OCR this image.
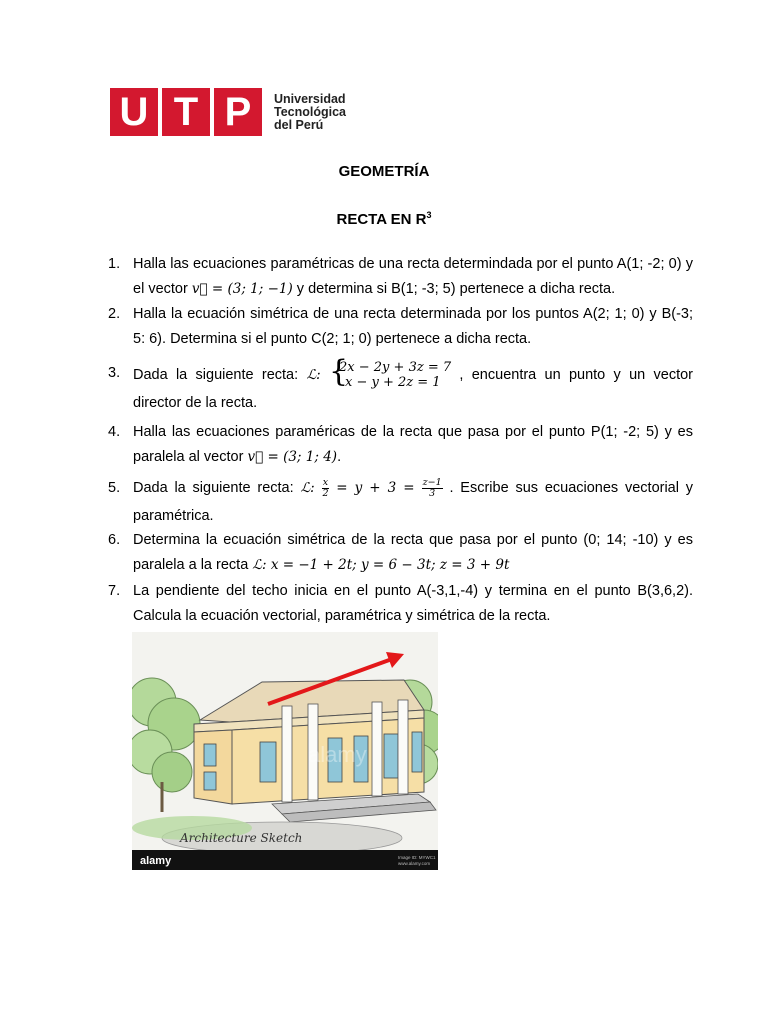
U T P	Universidad
Tecnológica
del Perú
GEOMETRÍA
RECTA EN $R^3$
1. Halla las ecuaciones paramétricas de una recta determindada por el punto A(1; -2; 0) y el vector v⃗ = (3; 1; −1) y determina si B(1; -3; 5) pertenece a dicha recta.
2. Halla la ecuación simétrica de una recta determinada por los puntos A(2; 1; 0) y B(-3; 5: 6). Determina si el punto C(2; 1; 0) pertenece a dicha recta.
3. Dada la siguiente recta: ℒ: {
2x − 2y + 3z = 7
x − y + 2z = 1	, encuentra un punto y un vector director de la recta.
4. Halla las ecuaciones paraméricas de la recta que pasa por el punto P(1; -2; 5) y es paralela al vector v⃗ = (3; 1; 4).
5. Dada la siguiente recta: ℒ: $\frac{x}{2} = y + 3 = \frac{z-1}{3}$ . Escribe sus ecuaciones vectorial y paramétrica.
6. Determina la ecuación simétrica de la recta que pasa por el punto (0; 14; -10) y es paralela a la recta ℒ: x = −1 + 2t; y = 6 − 3t; z = 3 + 9t
7. La pendiente del techo inicia en el punto A(-3,1,-4) y termina en el punto B(3,6,2). Calcula la ecuación vectorial, paramétrica y simétrica de la recta.
alamy
Architecture Sketch
alamy	Image ID: MYWC1
www.alamy.com
